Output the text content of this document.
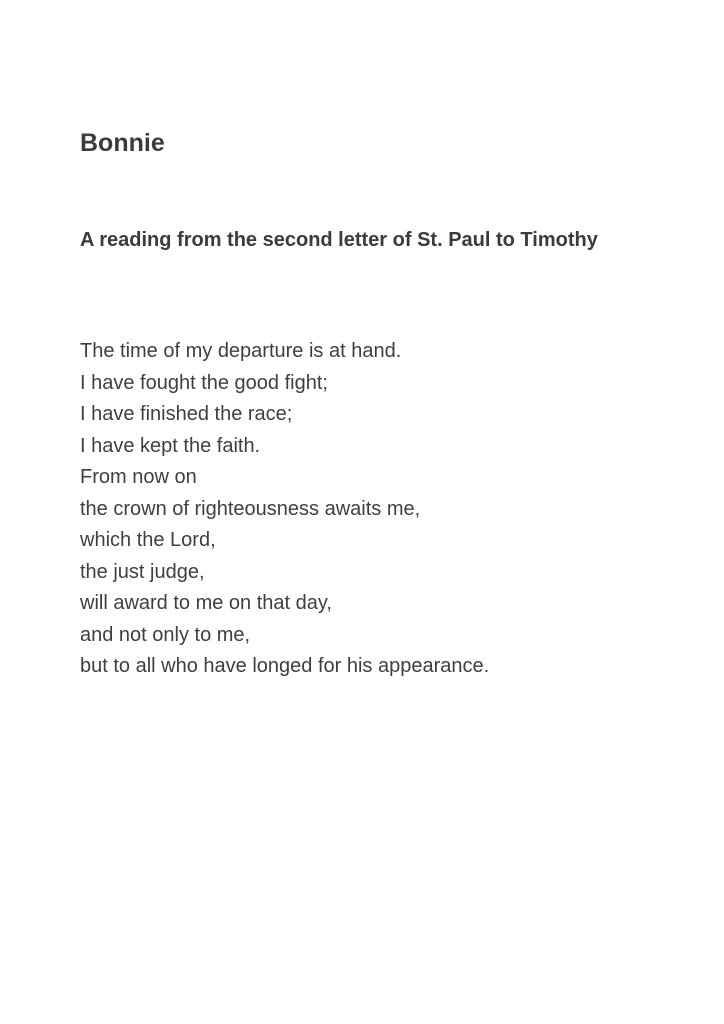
Bonnie
A reading from the second letter of St. Paul to Timothy
The time of my departure is at hand.
I have fought the good fight;
I have finished the race;
I have kept the faith.
From now on
the crown of righteousness awaits me,
which the Lord,
the just judge,
will award to me on that day,
and not only to me,
but to all who have longed for his appearance.
